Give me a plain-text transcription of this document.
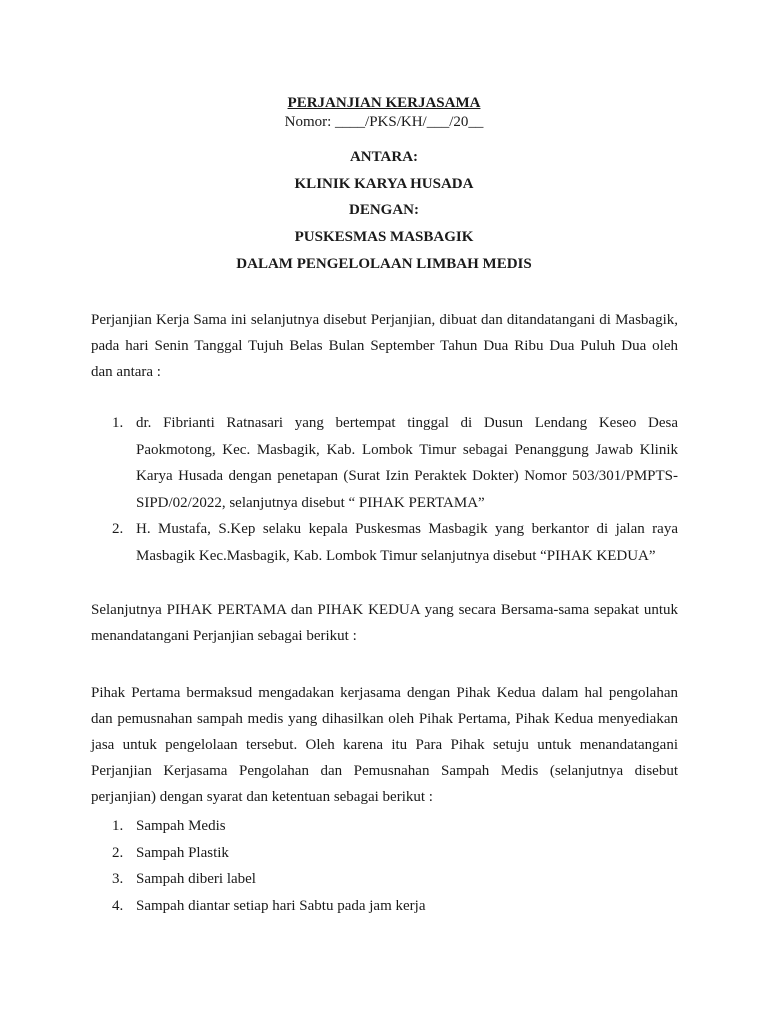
PERJANJIAN KERJASAMA
Nomor: ____/PKS/KH/___/20__
ANTARA:
KLINIK KARYA HUSADA
DENGAN:
PUSKESMAS MASBAGIK
DALAM PENGELOLAAN LIMBAH MEDIS
Perjanjian Kerja Sama ini selanjutnya disebut Perjanjian, dibuat dan ditandatangani di Masbagik,
pada hari Senin Tanggal Tujuh Belas Bulan September Tahun Dua Ribu Dua Puluh Dua oleh
dan antara :
1. dr. Fibrianti Ratnasari yang bertempat tinggal di Dusun Lendang Keseo Desa
Paokmotong, Kec. Masbagik, Kab. Lombok Timur sebagai Penanggung Jawab Klinik
Karya Husada dengan penetapan (Surat Izin Peraktek Dokter) Nomor 503/301/PMPTS-
SIPD/02/2022, selanjutnya disebut “ PIHAK PERTAMA”
2. H. Mustafa, S.Kep selaku kepala Puskesmas Masbagik yang berkantor di jalan raya
Masbagik Kec.Masbagik, Kab. Lombok Timur selanjutnya disebut “PIHAK KEDUA”
Selanjutnya PIHAK PERTAMA dan PIHAK KEDUA yang secara Bersama-sama sepakat untuk
menandatangani Perjanjian sebagai berikut :
Pihak Pertama bermaksud mengadakan kerjasama dengan Pihak Kedua dalam hal pengolahan
dan pemusnahan sampah medis yang dihasilkan oleh Pihak Pertama, Pihak Kedua menyediakan
jasa untuk pengelolaan tersebut. Oleh karena itu Para Pihak setuju untuk menandatangani
Perjanjian Kerjasama Pengolahan dan Pemusnahan Sampah Medis (selanjutnya disebut
perjanjian) dengan syarat dan ketentuan sebagai berikut :
1. Sampah Medis
2. Sampah Plastik
3. Sampah diberi label
4. Sampah diantar setiap hari Sabtu pada jam kerja
